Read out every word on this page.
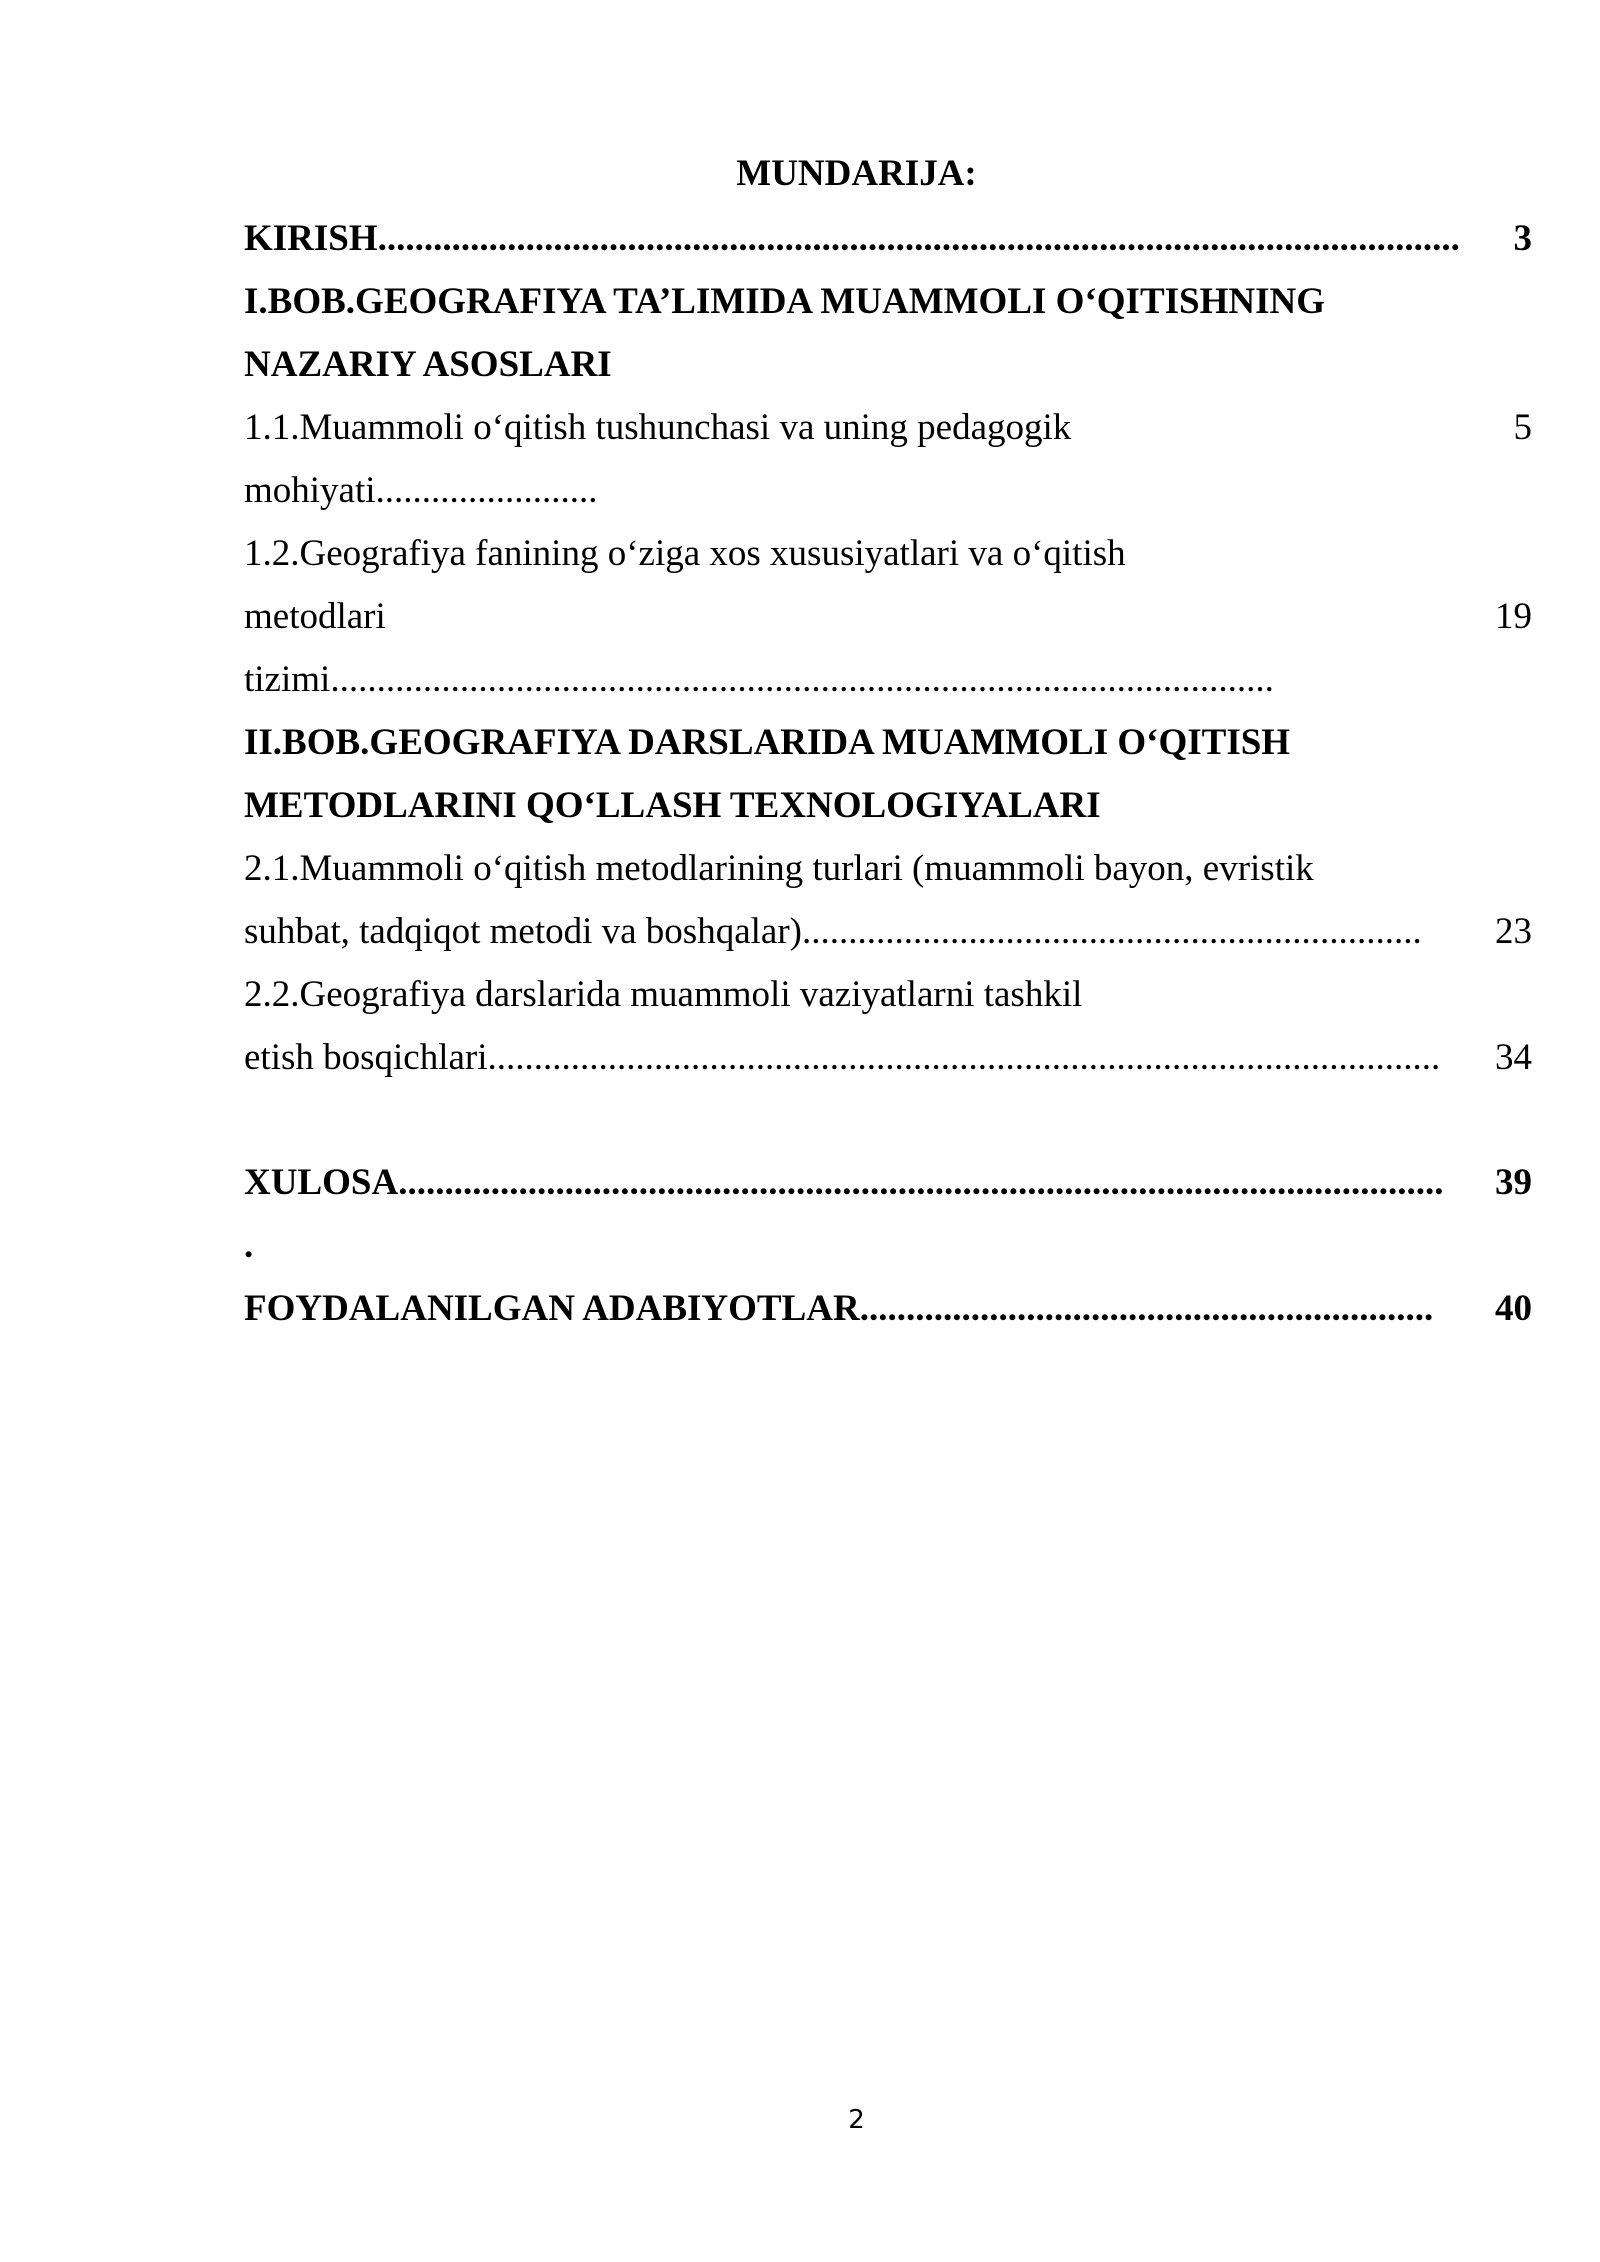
MUNDARIJA:
KIRISH.....................................................................................................................	3
I.BOB.GEOGRAFIYA TA’LIMIDA MUAMMOLI O‘QITISHNING
NAZARIY ASOSLARI
1.1.Muammoli o‘qitish tushunchasi va uning pedagogik	5
mohiyati........................
1.2.Geografiya fanining o‘ziga xos xususiyatlari va o‘qitish
metodlari	19
tizimi......................................................................................................
II.BOB.GEOGRAFIYA DARSLARIDA MUAMMOLI O‘QITISH
METODLARINI QO‘LLASH TEXNOLOGIYALARI
2.1.Muammoli o‘qitish metodlarining turlari (muammoli bayon, evristik
suhbat, tadqiqot metodi va boshqalar)...................................................................	23
2.2.Geografiya darslarida muammoli vaziyatlarni tashkil
etish bosqichlari.......................................................................................................	34
XULOSA.................................................................................................................	39
.
FOYDALANILGAN ADABIYOTLAR..............................................................	40
2
